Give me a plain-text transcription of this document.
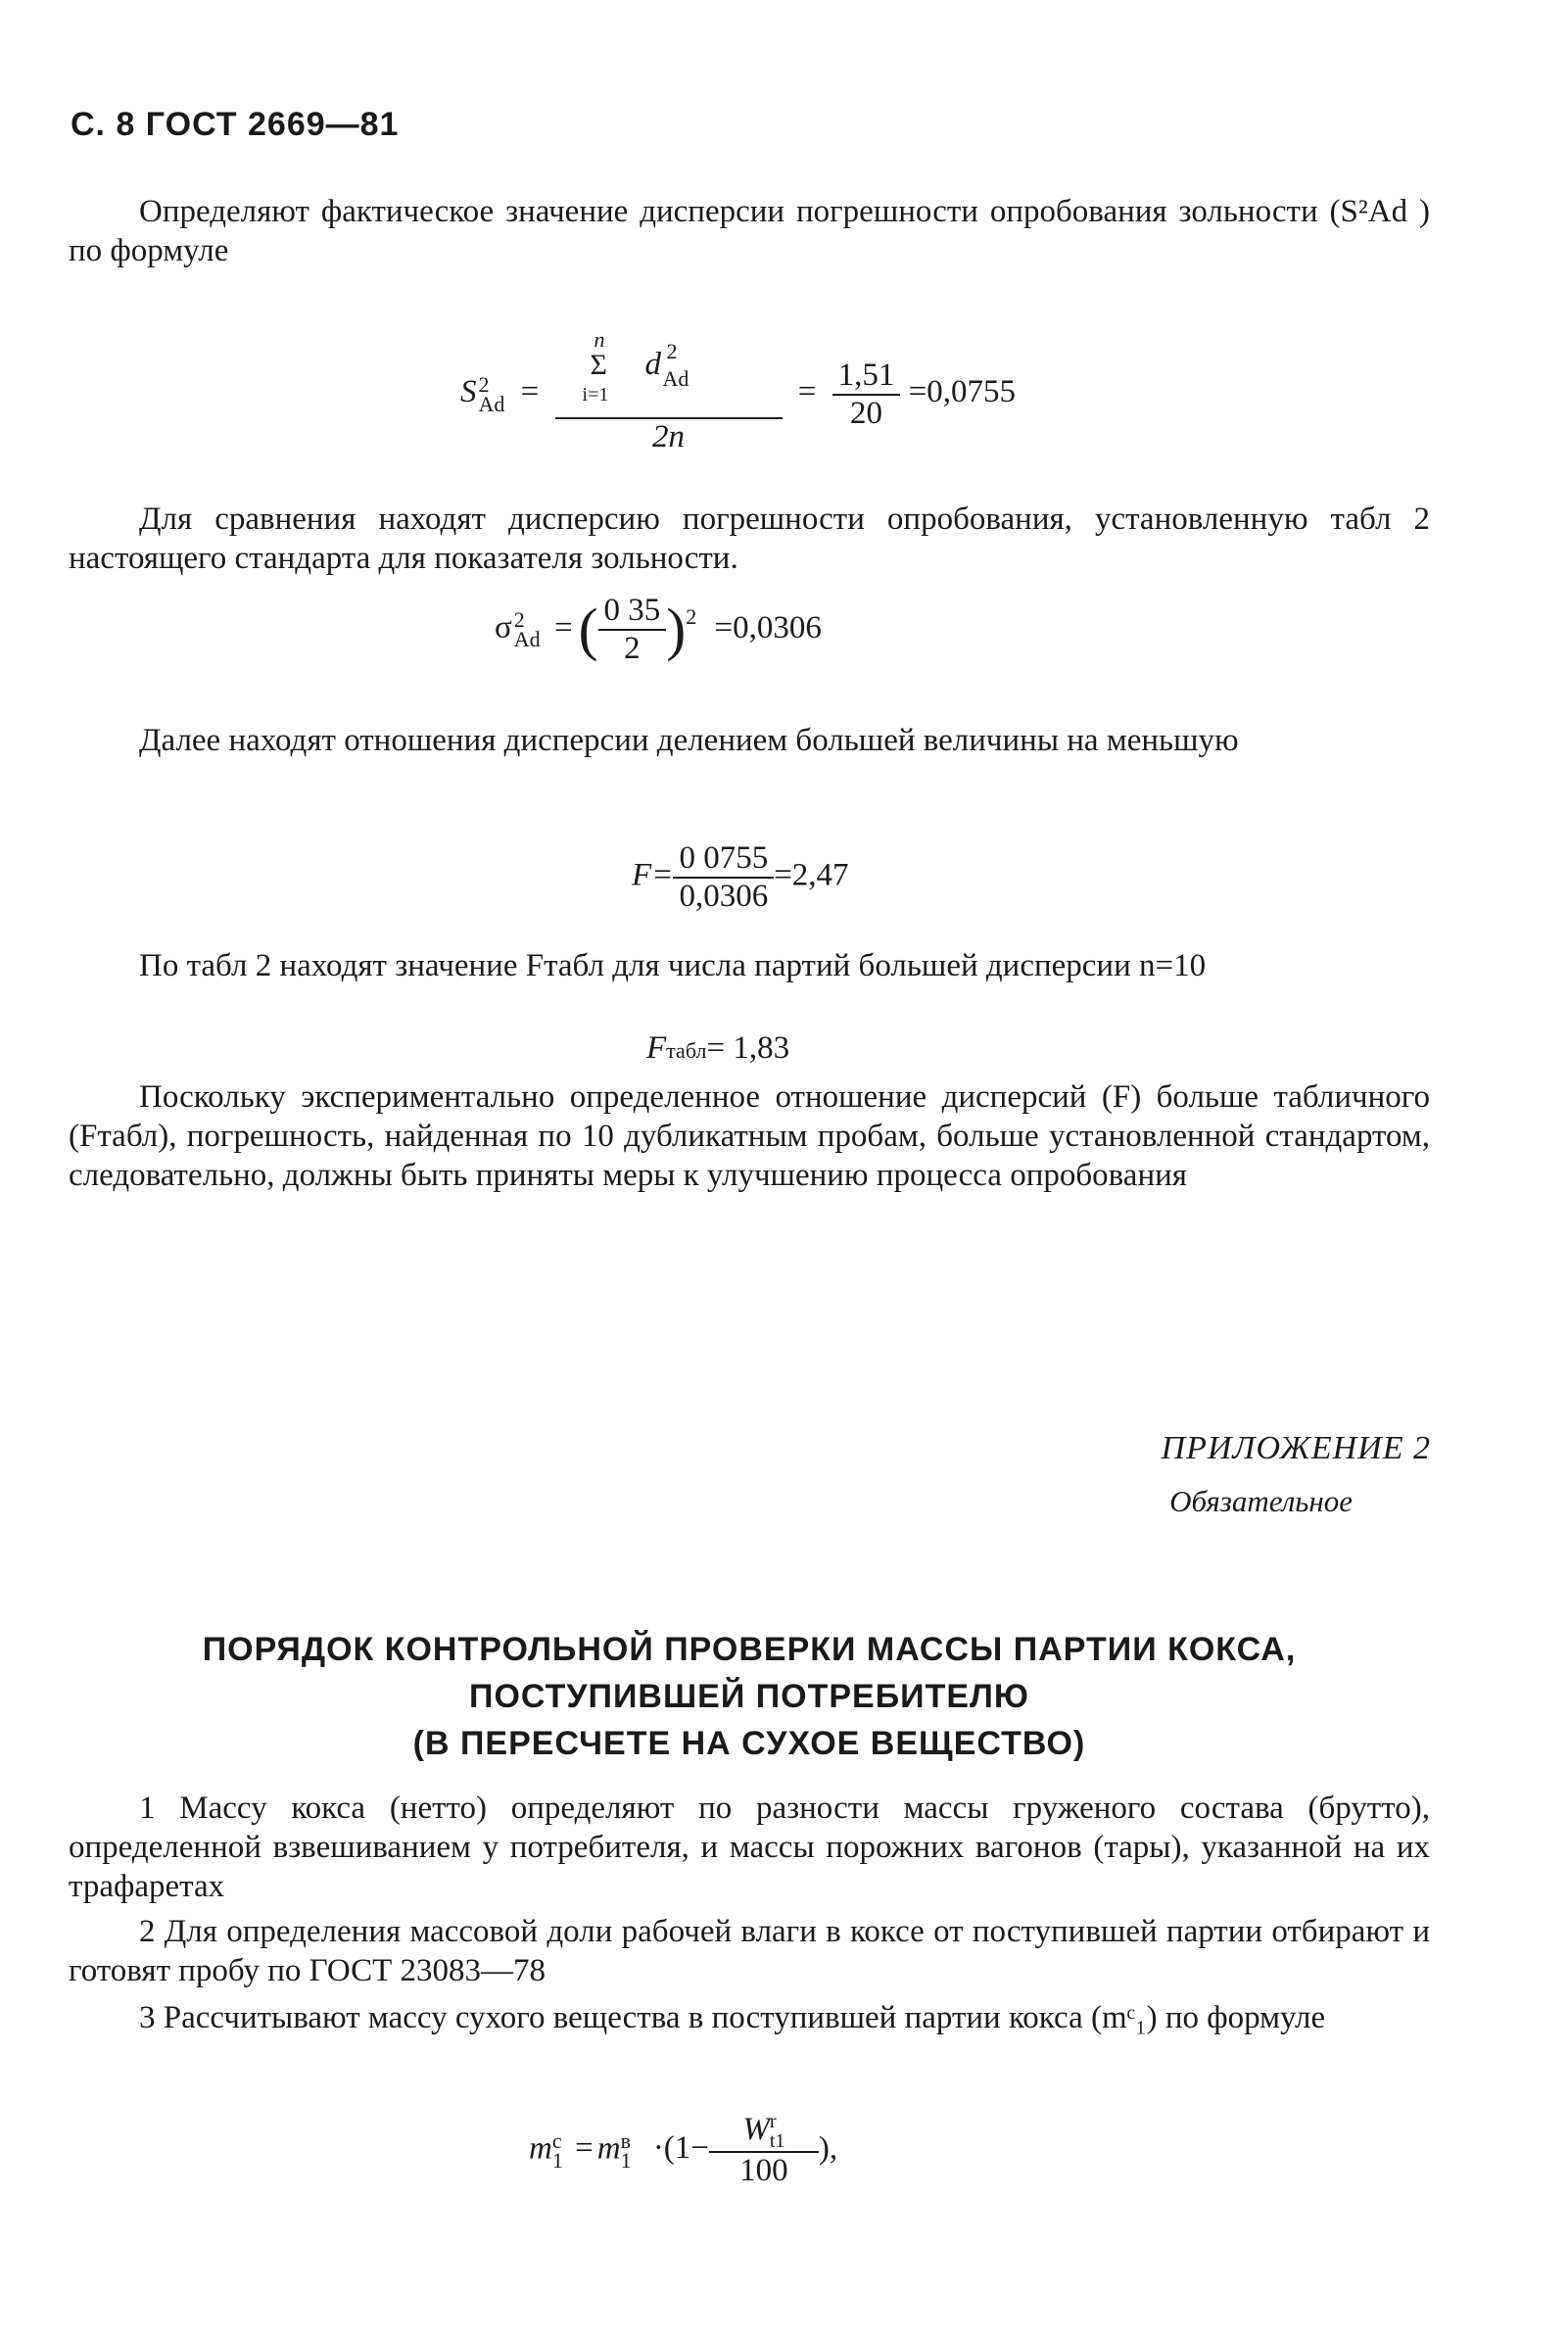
С. 8 ГОСТ 2669—81
Определяют фактическое значение дисперсии погрешности опробования зольности (S²Ad ) по формуле
S 2
Ad = n
Σ
i=1
d 2
Ad
$2n = \frac{1,51}{20} =0,0755$
Для сравнения находят дисперсию погрешности опробования, установленную табл 2 настоящего стандарта для показателя зольности.
σ 2
Ad = ( $\frac{0 35}{2} )^2 =0,0306$
Далее находят отношения дисперсии делением большей величины на меньшую
$F= \frac{0 0755}{0,0306} =2,47$
По табл 2 находят значение Fтабл для числа партий большей дисперсии n=10
Fтабл= 1,83
Поскольку экспериментально определенное отношение дисперсий (F) больше табличного (Fтабл), погрешность, найденная по 10 дубликатным пробам, больше установленной стандартом, следовательно, должны быть приняты меры к улучшению процесса опробования
ПРИЛОЖЕНИЕ 2
Обязательное
ПОРЯДОК КОНТРОЛЬНОЙ ПРОВЕРКИ МАССЫ ПАРТИИ КОКСА,
ПОСТУПИВШЕЙ ПОТРЕБИТЕЛЮ
(В ПЕРЕСЧЕТЕ НА СУХОЕ ВЕЩЕСТВО)
1 Массу кокса (нетто) определяют по разности массы груженого состава (брутто), определенной взвешиванием у потребителя, и массы порожних вагонов (тары), указанной на их трафаретах
2 Для определения массовой доли рабочей влаги в коксе от поступившей партии отбирают и готовят пробу по ГОСТ 23083—78
3 Рассчитывают массу сухого вещества в поступившей партии кокса (mᶜ₁) по формуле
m с
1 = m в
1 ·(1− W r
t1
100 ),
